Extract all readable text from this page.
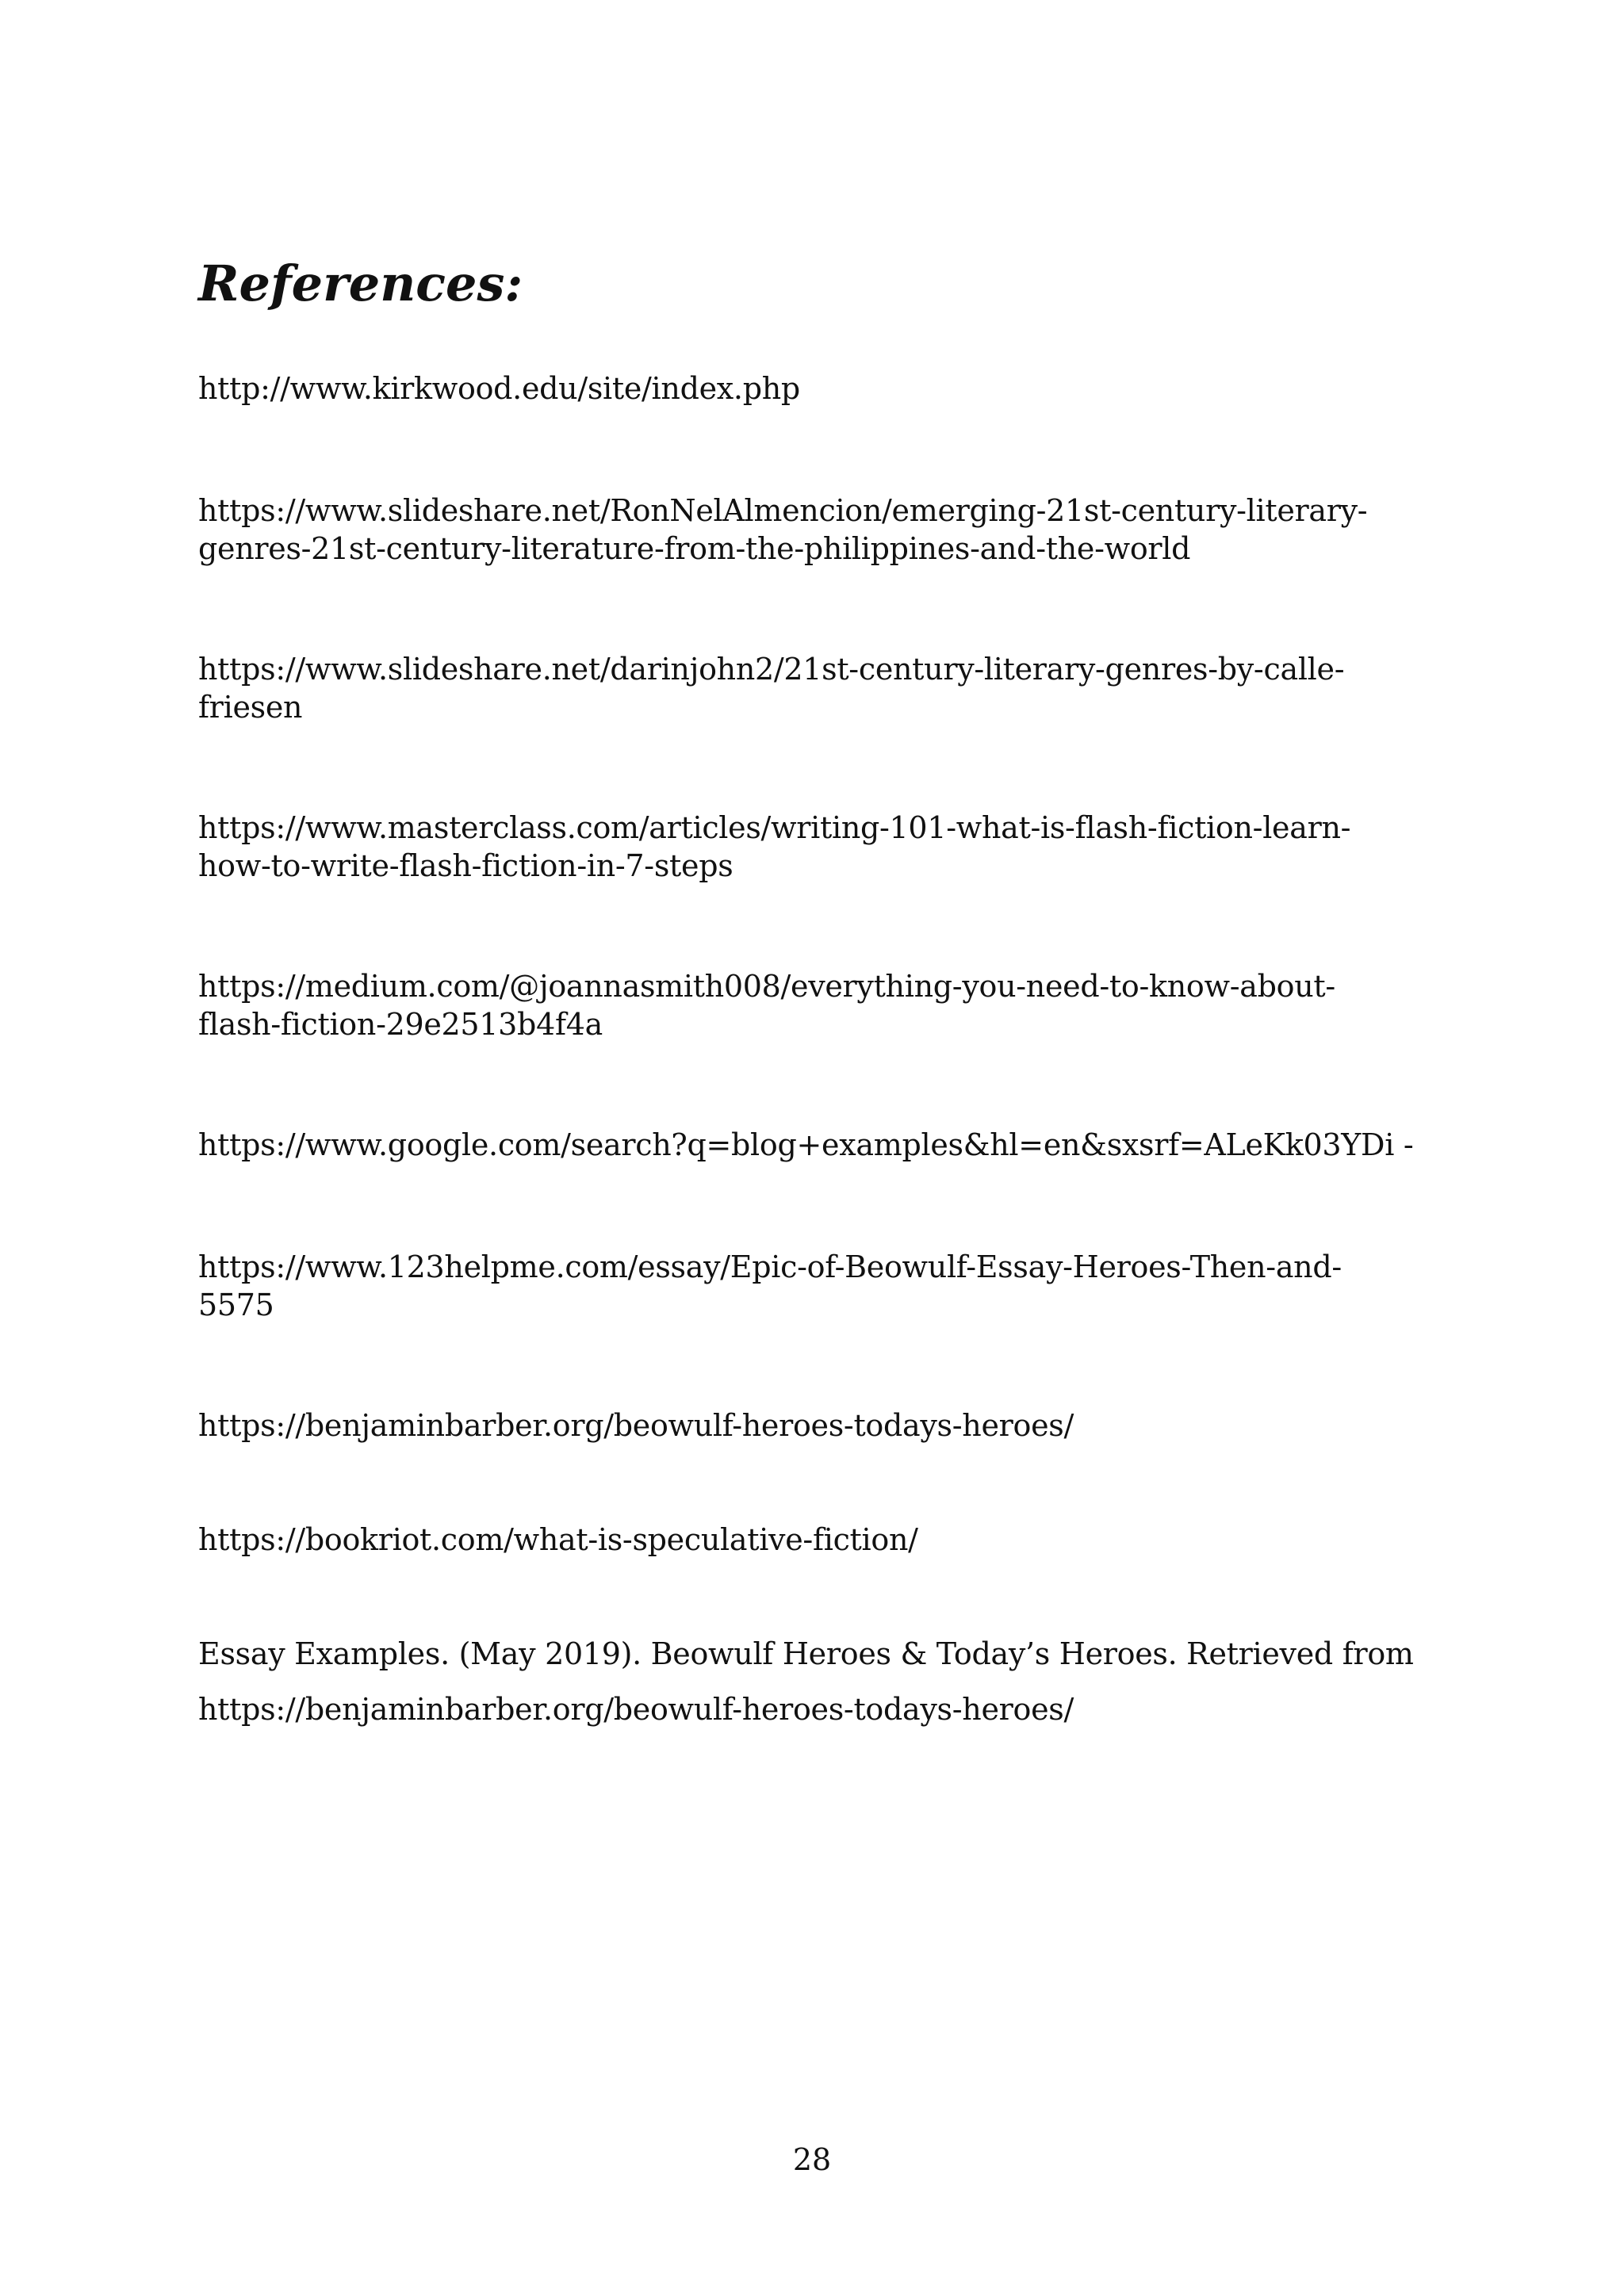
References:
http://www.kirkwood.edu/site/index.php
https://www.slideshare.net/RonNelAlmencion/emerging-21st-century-literary-
genres-21st-century-literature-from-the-philippines-and-the-world
https://www.slideshare.net/darinjohn2/21st-century-literary-genres-by-calle-
friesen
https://www.masterclass.com/articles/writing-101-what-is-flash-fiction-learn-
how-to-write-flash-fiction-in-7-steps
https://medium.com/@joannasmith008/everything-you-need-to-know-about-
flash-fiction-29e2513b4f4a
https://www.google.com/search?q=blog+examples&hl=en&sxsrf=ALeKk03YDi -
https://www.123helpme.com/essay/Epic-of-Beowulf-Essay-Heroes-Then-and-
5575
https://benjaminbarber.org/beowulf-heroes-todays-heroes/
https://bookriot.com/what-is-speculative-fiction/
Essay Examples. (May 2019). Beowulf Heroes & Today’s Heroes. Retrieved from
https://benjaminbarber.org/beowulf-heroes-todays-heroes/
28
